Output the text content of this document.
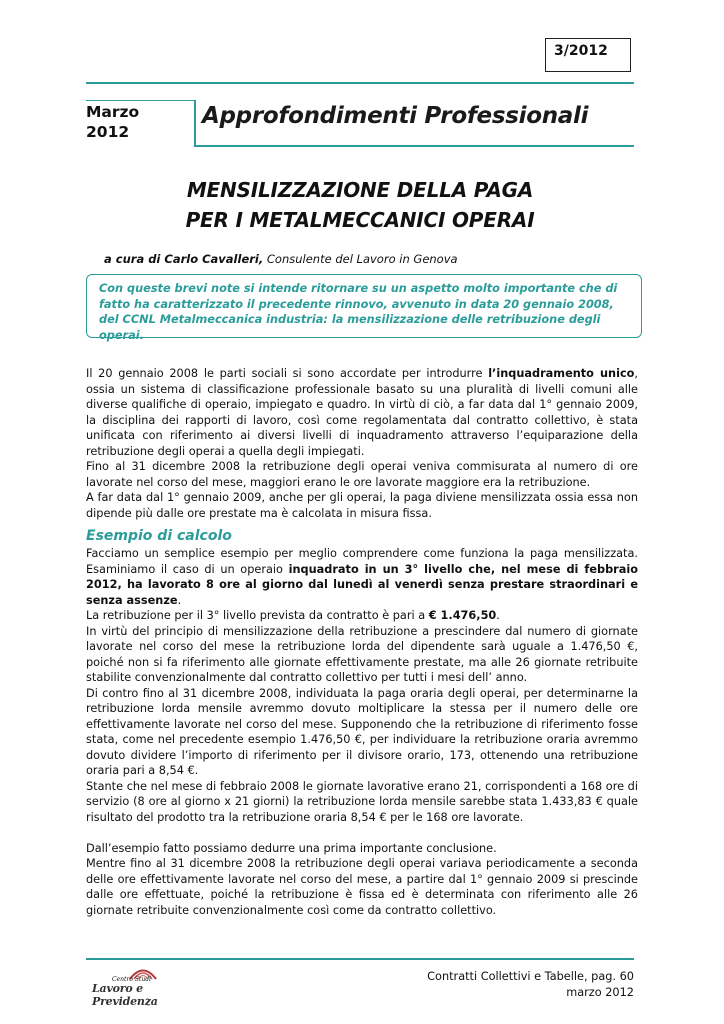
3/2012
Marzo
2012
Approfondimenti Professionali
MENSILIZZAZIONE DELLA PAGA
PER I METALMECCANICI OPERAI
a cura di Carlo Cavalleri, Consulente del Lavoro in Genova
Con queste brevi note si intende ritornare su un aspetto molto importante che di fatto ha caratterizzato il precedente rinnovo, avvenuto in data 20 gennaio 2008, del CCNL Metalmeccanica industria: la mensilizzazione delle retribuzione degli operai.

Il 20 gennaio 2008 le parti sociali si sono accordate per introdurre l’inquadramento unico, ossia un sistema di classificazione professionale basato su una pluralità di livelli comuni alle diverse qualifiche di operaio, impiegato e quadro. In virtù di ciò, a far data dal 1° gennaio 2009, la disciplina dei rapporti di lavoro, così come regolamentata dal contratto collettivo, è stata unificata con riferimento ai diversi livelli di inquadramento attraverso l’equiparazione della retribuzione degli operai a quella degli impiegati.

Fino al 31 dicembre 2008 la retribuzione degli operai veniva commisurata al numero di ore lavorate nel corso del mese, maggiori erano le ore lavorate maggiore era la retribuzione.

A far data dal 1° gennaio 2009, anche per gli operai, la paga diviene mensilizzata ossia essa non dipende più dalle ore prestate ma è calcolata in misura fissa.

Esempio di calcolo

Facciamo un semplice esempio per meglio comprendere come funziona la paga mensilizzata. Esaminiamo il caso di un operaio inquadrato in un 3° livello che, nel mese di febbraio 2012, ha lavorato 8 ore al giorno dal lunedì al venerdì senza prestare straordinari e senza assenze.

La retribuzione per il 3° livello prevista da contratto è pari a € 1.476,50.

In virtù del principio di mensilizzazione della retribuzione a prescindere dal numero di giornate lavorate nel corso del mese la retribuzione lorda del dipendente sarà uguale a 1.476,50 €, poiché non si fa riferimento alle giornate effettivamente prestate, ma alle 26 giornate retribuite stabilite convenzionalmente dal contratto collettivo per tutti i mesi dell’ anno.

Di contro fino al 31 dicembre 2008, individuata la paga oraria degli operai, per determinarne la retribuzione lorda mensile avremmo dovuto moltiplicare la stessa per il numero delle ore effettivamente lavorate nel corso del mese. Supponendo che la retribuzione di riferimento fosse stata, come nel precedente esempio 1.476,50 €, per individuare la retribuzione oraria avremmo dovuto dividere l’importo di riferimento per il divisore orario, 173, ottenendo una retribuzione oraria pari a 8,54 €.

Stante che nel mese di febbraio 2008 le giornate lavorative erano 21, corrispondenti a 168 ore di servizio (8 ore al giorno x 21 giorni) la retribuzione lorda mensile sarebbe stata 1.433,83 € quale risultato del prodotto tra la retribuzione oraria 8,54 € per le 168 ore lavorate.

Dall’esempio fatto possiamo dedurre una prima importante conclusione.

Mentre fino al 31 dicembre 2008 la retribuzione degli operai variava periodicamente a seconda delle ore effettivamente lavorate nel corso del mese, a partire dal 1° gennaio 2009 si prescinde dalle ore effettuate, poiché la retribuzione è fissa ed è determinata con riferimento alle 26 giornate retribuite convenzionalmente così come da contratto collettivo.

Centro Studi
Lavoro e Previdenza
Contratti Collettivi e Tabelle, pag. 60
marzo 2012
